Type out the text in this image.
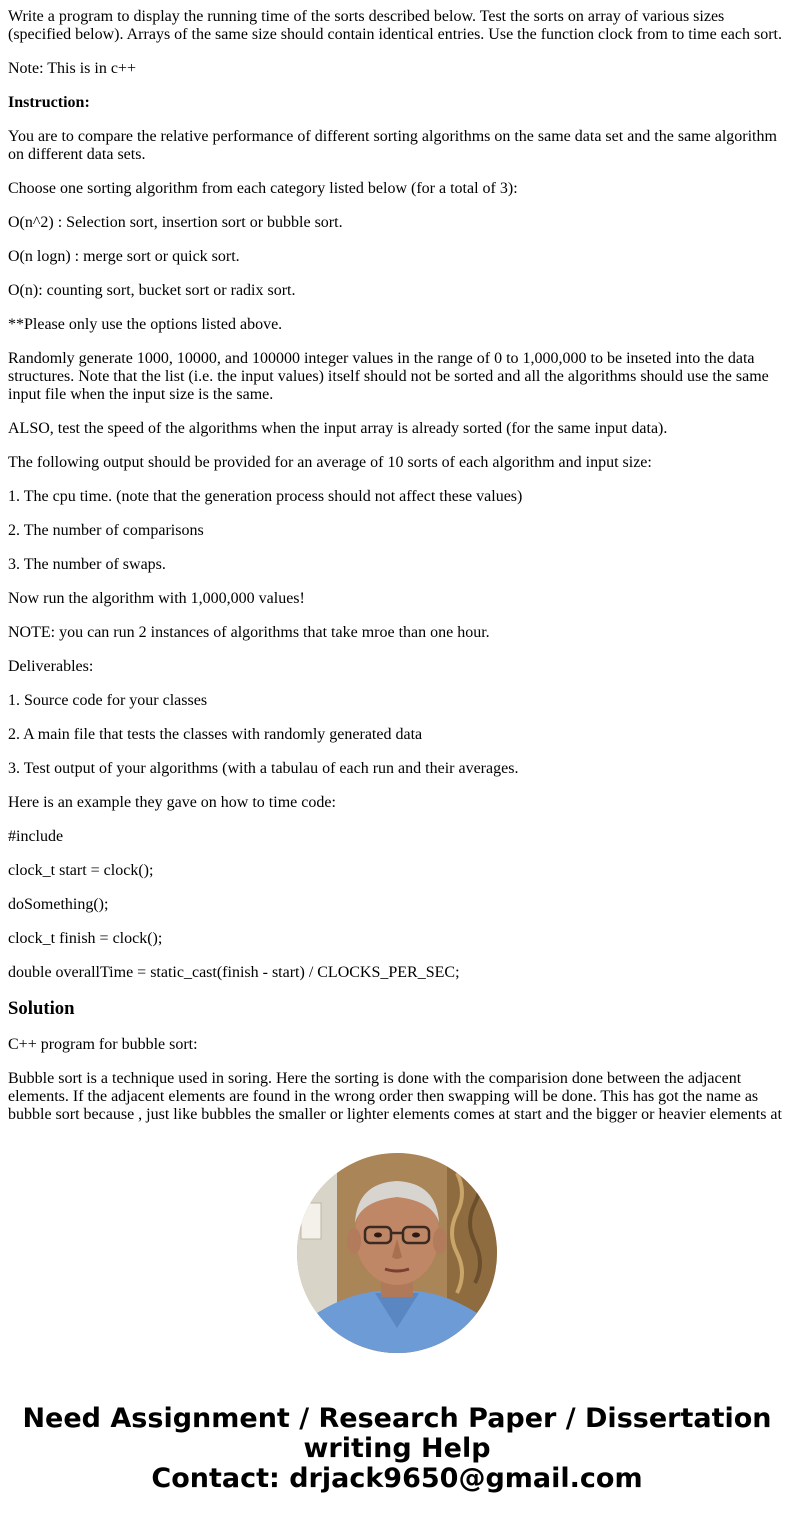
Write a program to display the running time of the sorts described below. Test the sorts on array of various sizes (specified below). Arrays of the same size should contain identical entries. Use the function clock from to time each sort.

Note: This is in c++

Instruction:

You are to compare the relative performance of different sorting algorithms on the same data set and the same algorithm on different data sets.

Choose one sorting algorithm from each category listed below (for a total of 3):

O(n^2) : Selection sort, insertion sort or bubble sort.

O(n logn) : merge sort or quick sort.

O(n): counting sort, bucket sort or radix sort.

**Please only use the options listed above.

Randomly generate 1000, 10000, and 100000 integer values in the range of 0 to 1,000,000 to be inseted into the data structures. Note that the list (i.e. the input values) itself should not be sorted and all the algorithms should use the same input file when the input size is the same.

ALSO, test the speed of the algorithms when the input array is already sorted (for the same input data).

The following output should be provided for an average of 10 sorts of each algorithm and input size:

1. The cpu time. (note that the generation process should not affect these values)

2. The number of comparisons

3. The number of swaps.

Now run the algorithm with 1,000,000 values!

NOTE: you can run 2 instances of algorithms that take mroe than one hour.

Deliverables:

1. Source code for your classes

2. A main file that tests the classes with randomly generated data

3. Test output of your algorithms (with a tabulau of each run and their averages.

Here is an example they gave on how to time code:

#include

clock_t start = clock();

doSomething();

clock_t finish = clock();

double overallTime = static_cast(finish - start) / CLOCKS_PER_SEC;

Solution

C++ program for bubble sort:

Bubble sort is a technique used in soring. Here the sorting is done with the comparision done between the adjacent elements. If the adjacent elements are found in the wrong order then swapping will be done. This has got the name as bubble sort because , just like bubbles the smaller or lighter elements comes at start and the bigger or heavier elements at

Need Assignment / Research Paper / Dissertation
writing Help
Contact: drjack9650@gmail.com
